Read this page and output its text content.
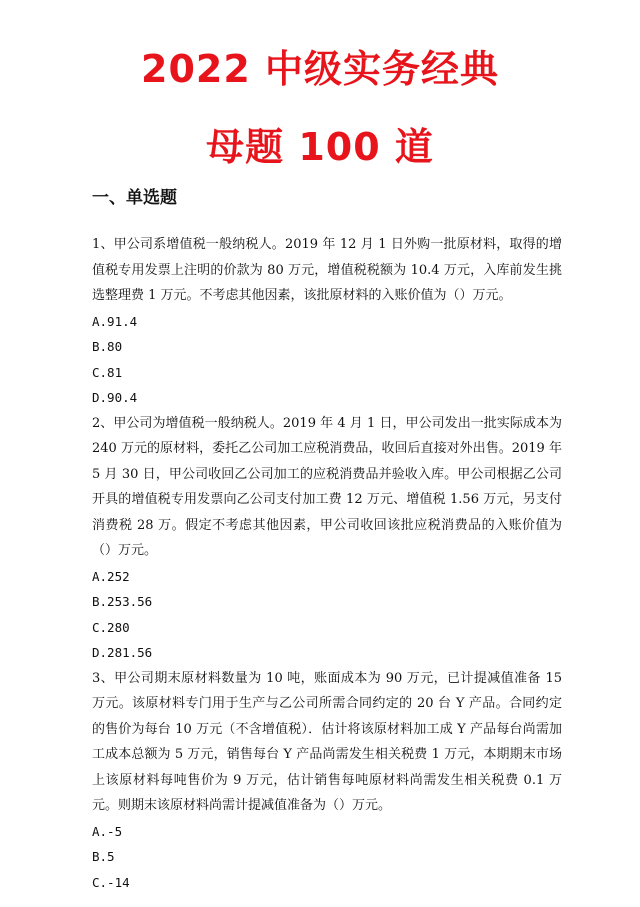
2022 中级实务经典
母题 100 道
一、单选题

1、甲公司系增值税一般纳税人。2019 年 12 月 1 日外购一批原材料，取得的增值税专用发票上注明的价款为 80 万元，增值税税额为 10.4 万元，入库前发生挑选整理费 1 万元。不考虑其他因素，该批原材料的入账价值为（）万元。

A.91.4

B.80

C.81

D.90.4

2、甲公司为增值税一般纳税人。2019 年 4 月 1 日，甲公司发出一批实际成本为 240 万元的原材料，委托乙公司加工应税消费品，收回后直接对外出售。2019 年 5 月 30 日，甲公司收回乙公司加工的应税消费品并验收入库。甲公司根据乙公司开具的增值税专用发票向乙公司支付加工费 12 万元、增值税 1.56 万元，另支付消费税 28 万。假定不考虑其他因素，甲公司收回该批应税消费品的入账价值为（）万元。

A.252

B.253.56

C.280

D.281.56

3、甲公司期末原材料数量为 10 吨，账面成本为 90 万元，已计提减值准备 15 万元。该原材料专门用于生产与乙公司所需合同约定的 20 台 Y 产品。合同约定的售价为每台 10 万元（不含增值税）．估计将该原材料加工成 Y 产品每台尚需加工成本总额为 5 万元，销售每台 Y 产品尚需发生相关税费 1 万元，本期期末市场上该原材料每吨售价为 9 万元，估计销售每吨原材料尚需发生相关税费 0.1 万元。则期末该原材料尚需计提减值准备为（）万元。

A.-5

B.5

C.-14
